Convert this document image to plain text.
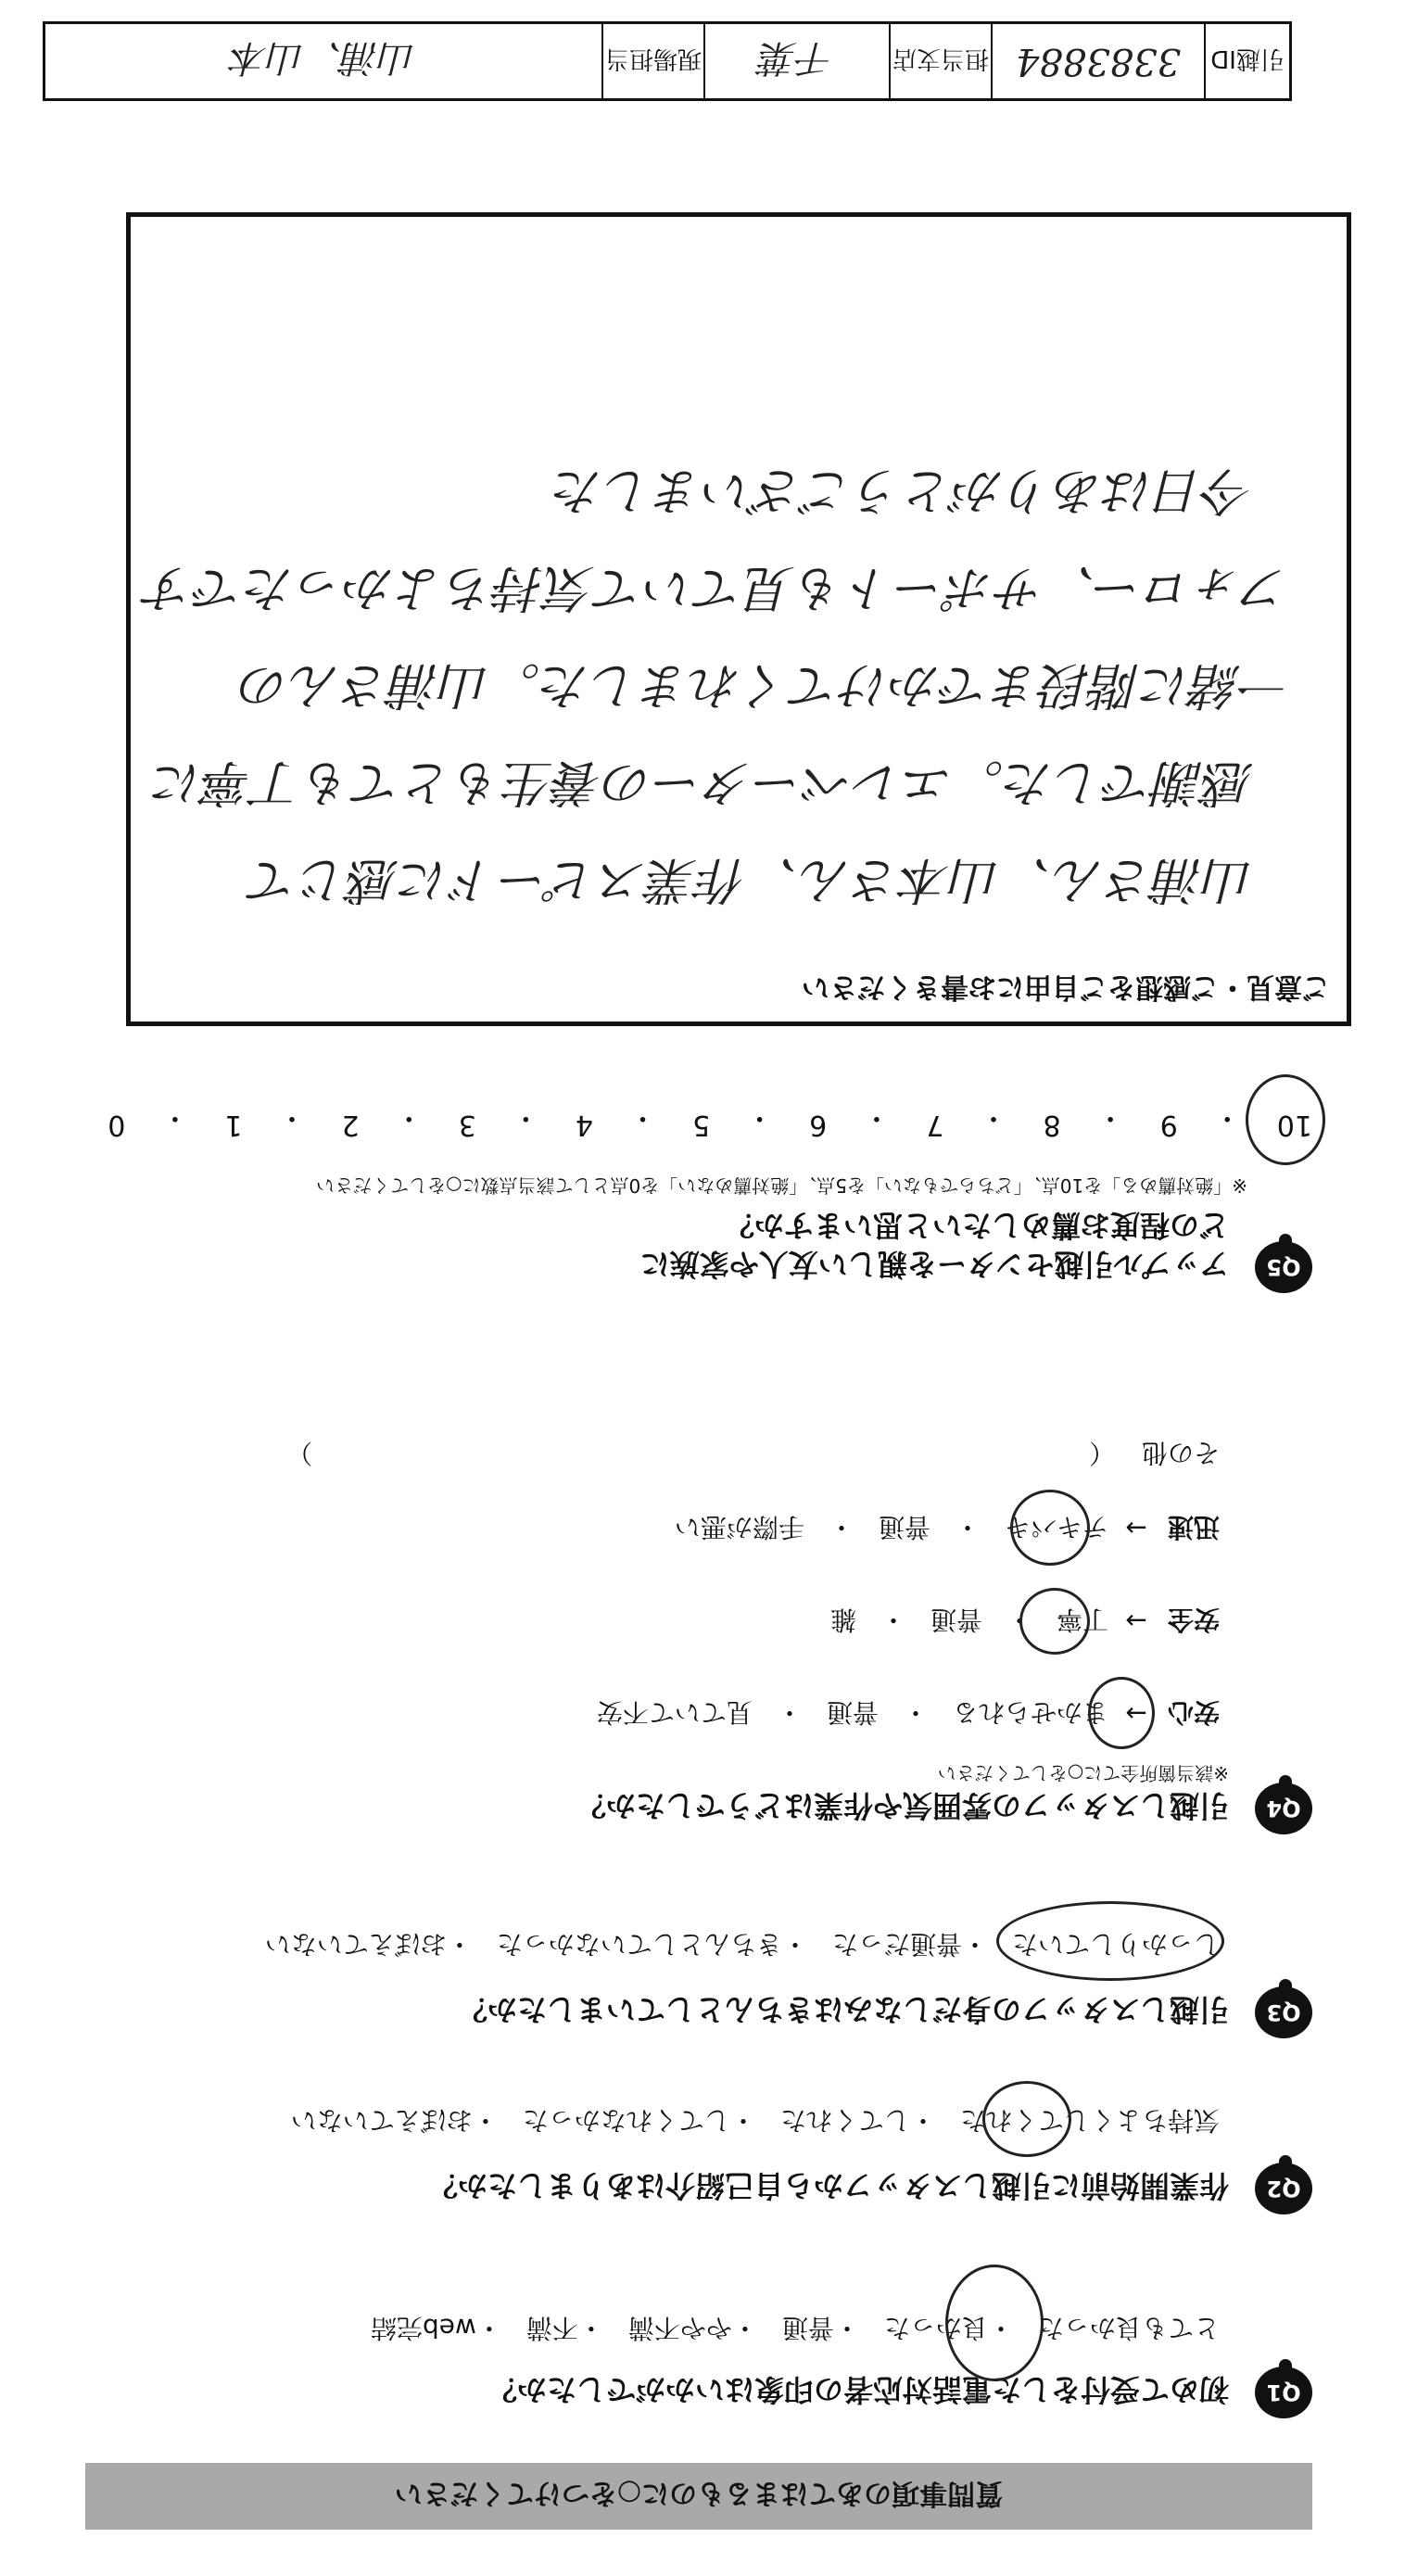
質問事項のあてはまるものに○をつけてください
Q1
初めて受付をした電話対応者の印象はいかがでしたか？
とても良かった・良かった・普通・やや不満・不満・web完結
Q2
作業開始前に引越しスタッフから自己紹介はありましたか？
気持ちよくしてくれた・してくれた・してくれなかった・おぼえていない
Q3
引越しスタッフの身だしなみはきちんとしていましたか？
しっかりしていた・普通だった・きちんとしていなかった・おぼえていない
Q4
引越しスタッフの雰囲気や作業はどうでしたか？
※該当箇所全てに○をしてください
安心
→
まかせられる
・
普通
・
見ていて不安
安全
→
丁寧
・
普通
・
雑
迅速
→
テキパキ
・
普通
・
手際が悪い
その他 （  ）
Q5
アップル引越センターを親しい友人や家族に
どの程度お薦めしたいと思いますか？
※「絶対薦める」を10点、「どちらでもない」を5点、「絶対薦めない」を0点として該当点数に○をしてください
10
・
9
・
8
・
7
・
6
・
5
・
4
・
3
・
2
・
1
・
0
ご意見・ご感想をご自由にお書きください
山浦さん、山本さん、作業スピードに感じて
感謝でした。エレベーターの養生もとても丁寧に
一緒に階段までかけてくれました。山浦さんの
フォロー、サポートも見ていて気持ちよかったです
今日はありがとうございました
引越ID
3383884
担当支店
千葉
現場担当
山浦、山本
